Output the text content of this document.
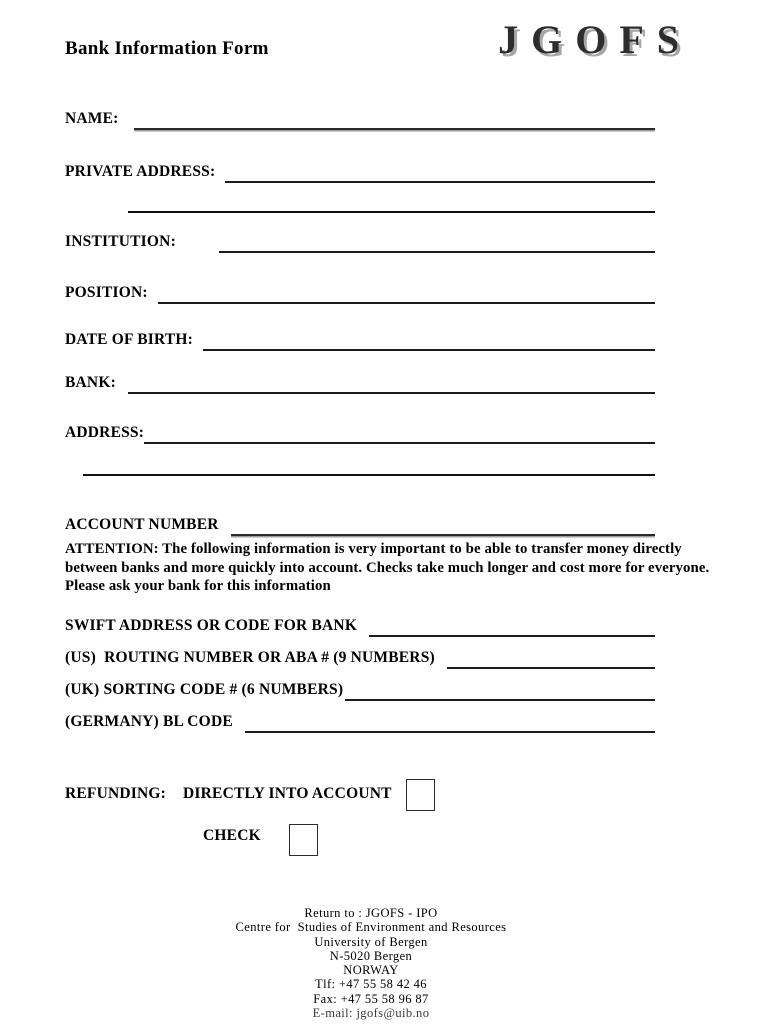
Bank Information Form	JGOFS
NAME:
PRIVATE ADDRESS:
INSTITUTION:
POSITION:
DATE OF BIRTH:
BANK:
ADDRESS:
ACCOUNT NUMBER
ATTENTION: The following information is very important to be able to transfer money directly between banks and more quickly into account. Checks take much longer and cost more for everyone. Please ask your bank for this information
SWIFT ADDRESS OR CODE FOR BANK
(US)  ROUTING NUMBER OR ABA # (9 NUMBERS)
(UK) SORTING CODE # (6 NUMBERS)
(GERMANY) BL CODE
REFUNDING: DIRECTLY INTO ACCOUNT
CHECK
Return to : JGOFS - IPO
Centre for  Studies of Environment and Resources
University of Bergen
N-5020 Bergen
NORWAY
Tlf: +47 55 58 42 46
Fax: +47 55 58 96 87
E-mail: jgofs@uib.no
